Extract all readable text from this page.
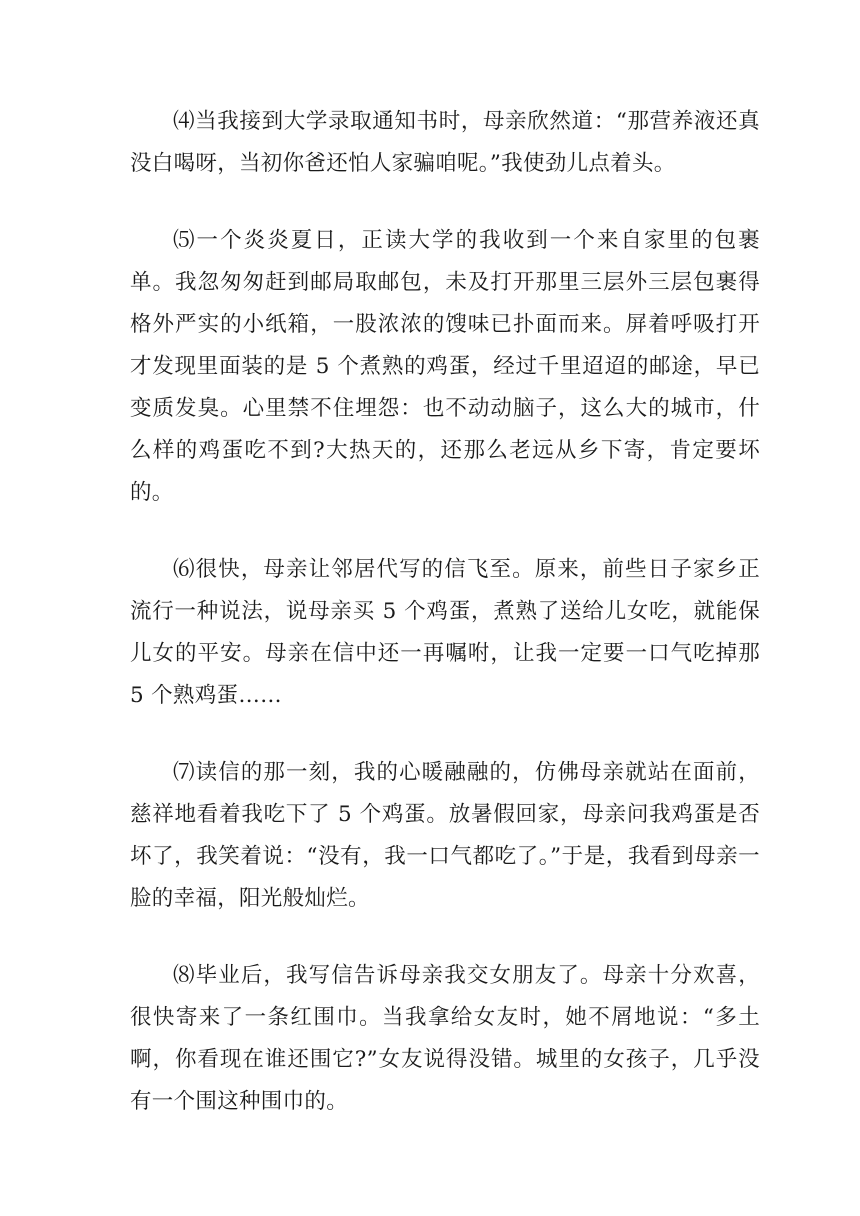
⑷当我接到大学录取通知书时，母亲欣然道：“那营养液还真没白喝呀，当初你爸还怕人家骗咱呢。”我使劲儿点着头。

⑸一个炎炎夏日，正读大学的我收到一个来自家里的包裹单。我忽匆匆赶到邮局取邮包，未及打开那里三层外三层包裹得格外严实的小纸箱，一股浓浓的馊味已扑面而来。屏着呼吸打开才发现里面装的是 5 个煮熟的鸡蛋，经过千里迢迢的邮途，早已变质发臭。心里禁不住埋怨：也不动动脑子，这么大的城市，什么样的鸡蛋吃不到?大热天的，还那么老远从乡下寄，肯定要坏的。

⑹很快，母亲让邻居代写的信飞至。原来，前些日子家乡正流行一种说法，说母亲买 5 个鸡蛋，煮熟了送给儿女吃，就能保儿女的平安。母亲在信中还一再嘱咐，让我一定要一口气吃掉那 5 个熟鸡蛋……

⑺读信的那一刻，我的心暖融融的，仿佛母亲就站在面前，慈祥地看着我吃下了 5 个鸡蛋。放暑假回家，母亲问我鸡蛋是否坏了，我笑着说：“没有，我一口气都吃了。”于是，我看到母亲一脸的幸福，阳光般灿烂。

⑻毕业后，我写信告诉母亲我交女朋友了。母亲十分欢喜，很快寄来了一条红围巾。当我拿给女友时，她不屑地说：“多土啊，你看现在谁还围它?”女友说得没错。城里的女孩子，几乎没有一个围这种围巾的。
